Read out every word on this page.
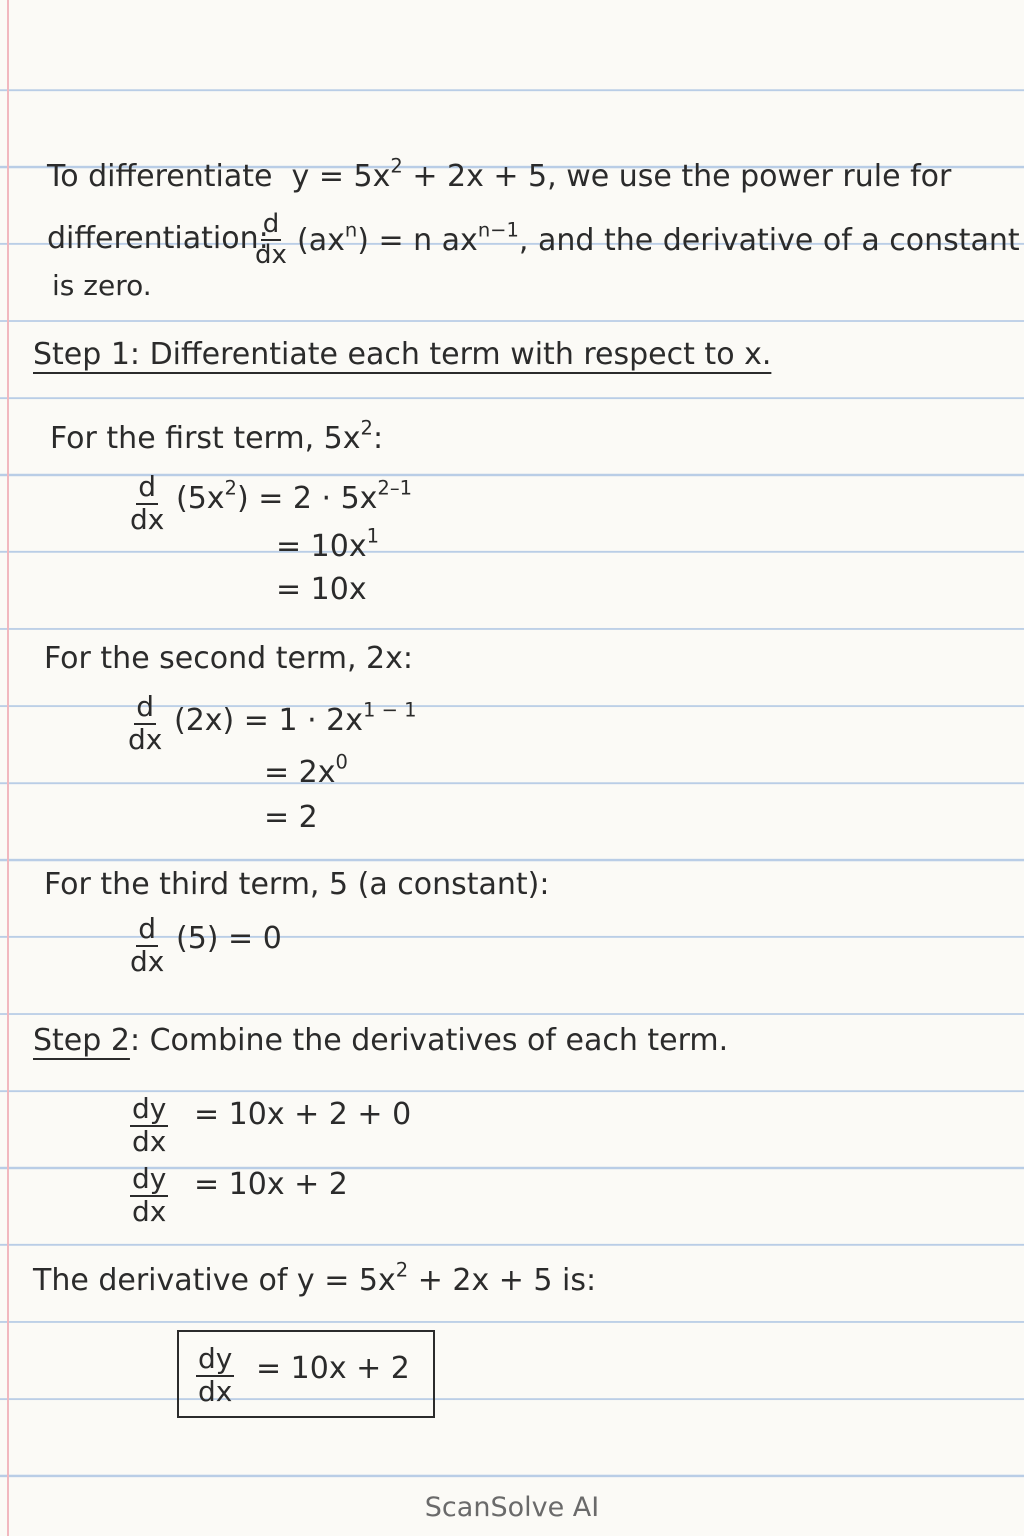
To differentiate $y = 5x^2 + 2x + 5$, we use the power rule for
differentiation:
$\frac{d}{dx} (ax^n) = n$ $ax^{n-1}$, and the derivative of a constant
is zero.
Step 1: Differentiate each term with respect to x.
For the first term, $5x^2$:
$\frac{d}{dx} (5x^2) = 2 \cdot 5x^{2-1}$
= $10x^1$
= 10x
For the second term, 2x:
$\frac{d}{dx} (2x) = 1 \cdot 2x^{1 - 1}$
= $2x^0$
= 2
For the third term, 5 (a constant):
$\frac{d}{dx} (5) = 0$
Step 2: Combine the derivatives of each term.
$\frac{dy}{dx} = 10x + 2 + 0$
$\frac{dy}{dx} = 10x + 2$
The derivative of $y = 5x^2 + 2x + 5$ is:
$\frac{dy}{dx} = 10x + 2$
ScanSolve AI
